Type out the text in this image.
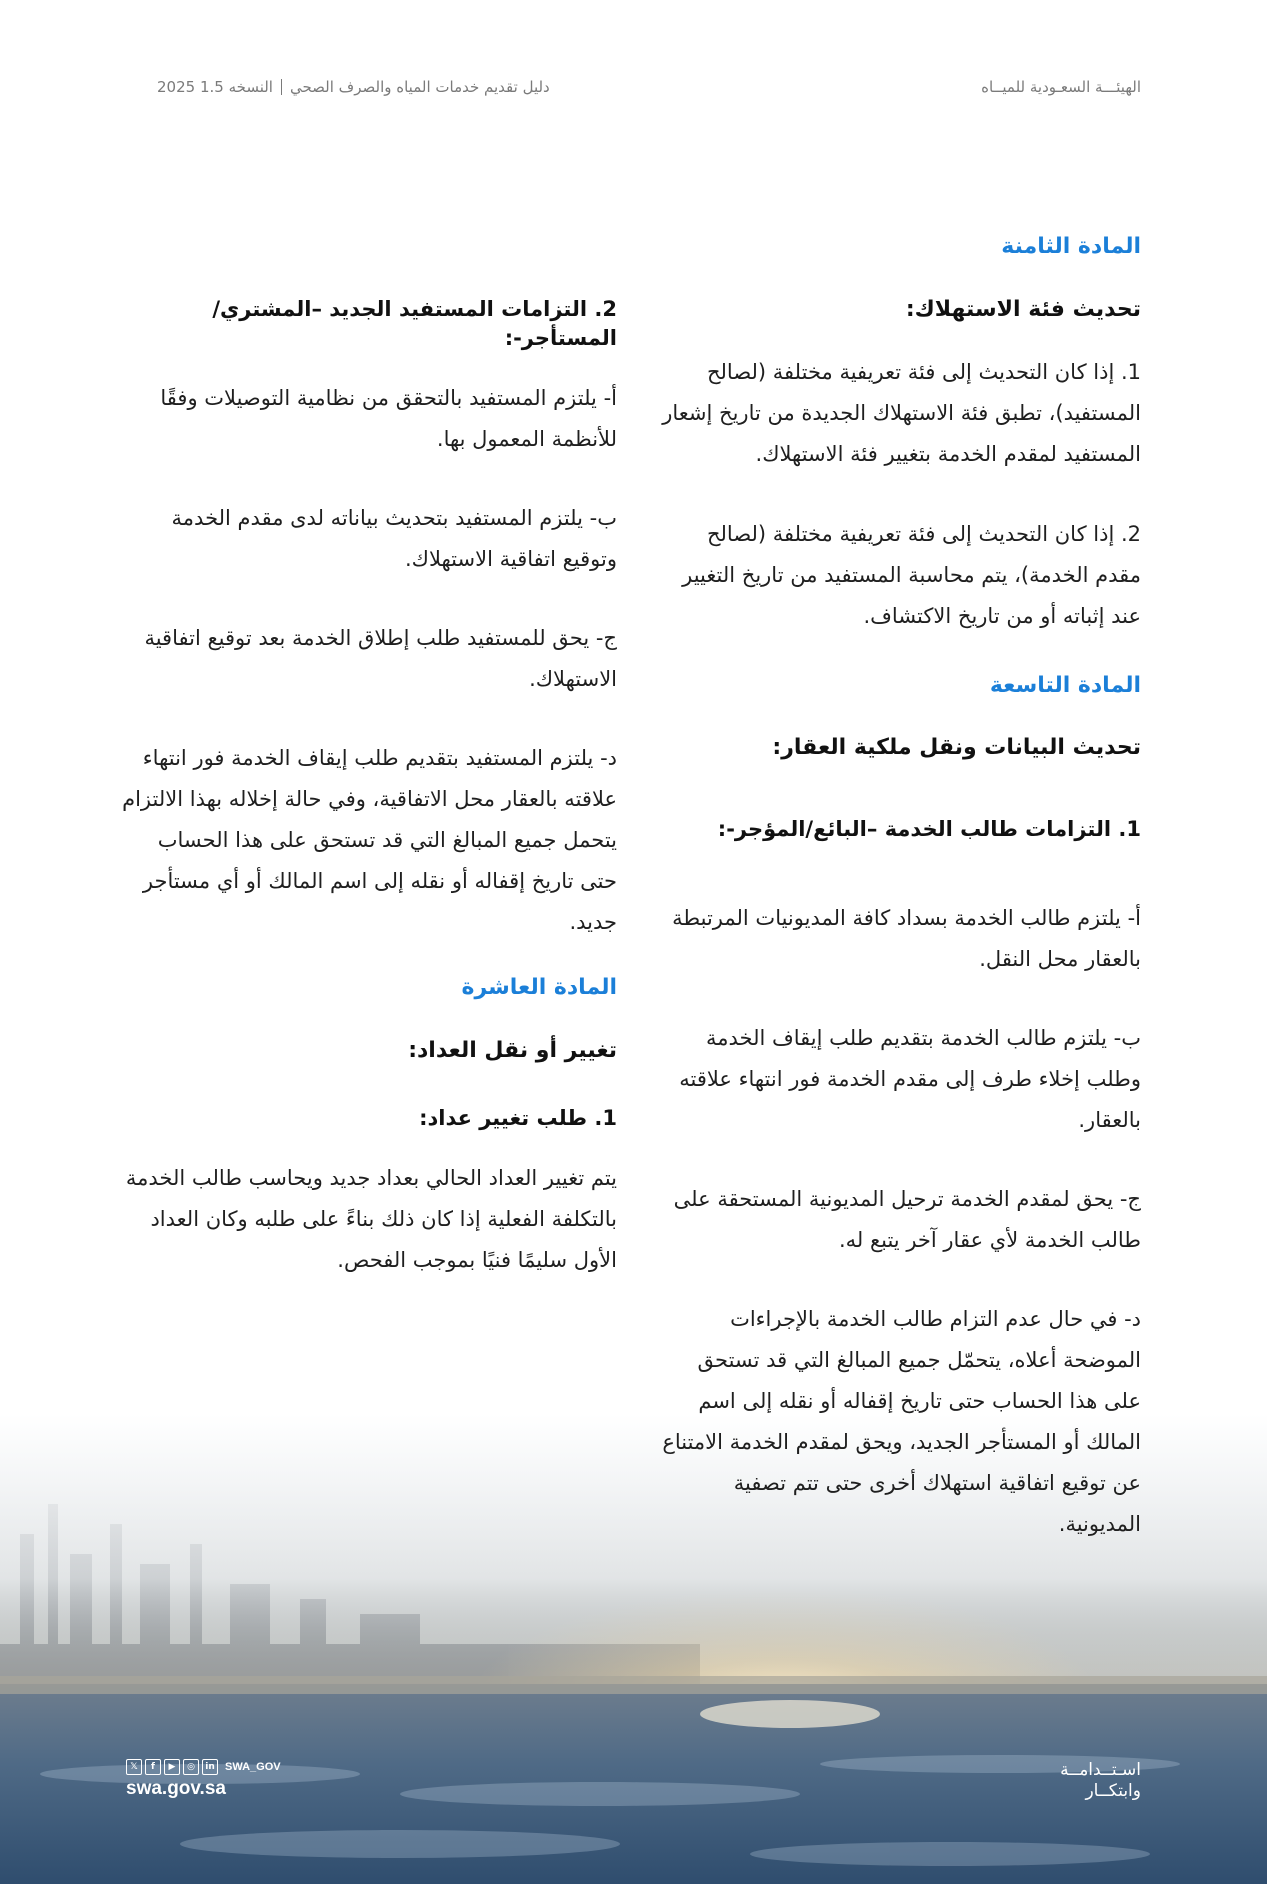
الهيئـــة السعـودية للميــاه
دليل تقديم خدمات المياه والصرف الصحيالنسخه 1.5 2025
المادة الثامنة
تحديث فئة الاستهلاك:

1. إذا كان التحديث إلى فئة تعريفية مختلفة (لصالح المستفيد)، تطبق فئة الاستهلاك الجديدة من تاريخ إشعار المستفيد لمقدم الخدمة بتغيير فئة الاستهلاك.

2. إذا كان التحديث إلى فئة تعريفية مختلفة (لصالح مقدم الخدمة)، يتم محاسبة المستفيد من تاريخ التغيير عند إثباته أو من تاريخ الاكتشاف.

المادة التاسعة
تحديث البيانات ونقل ملكية العقار:

1. التزامات طالب الخدمة –البائع/المؤجر-:

أ- يلتزم طالب الخدمة بسداد كافة المديونيات المرتبطة بالعقار محل النقل.

ب- يلتزم طالب الخدمة بتقديم طلب إيقاف الخدمة وطلب إخلاء طرف إلى مقدم الخدمة فور انتهاء علاقته بالعقار.

ج- يحق لمقدم الخدمة ترحيل المديونية المستحقة على طالب الخدمة لأي عقار آخر يتبع له.

د- في حال عدم التزام طالب الخدمة بالإجراءات الموضحة أعلاه، يتحمّل جميع المبالغ التي قد تستحق على هذا الحساب حتى تاريخ إقفاله أو نقله إلى اسم المالك أو المستأجر الجديد، ويحق لمقدم الخدمة الامتناع عن توقيع اتفاقية استهلاك أخرى حتى تتم تصفية المديونية.

2. التزامات المستفيد الجديد –المشتري/المستأجر-:

أ- يلتزم المستفيد بالتحقق من نظامية التوصيلات وفقًا للأنظمة المعمول بها.

ب- يلتزم المستفيد بتحديث بياناته لدى مقدم الخدمة وتوقيع اتفاقية الاستهلاك.

ج- يحق للمستفيد طلب إطلاق الخدمة بعد توقيع اتفاقية الاستهلاك.

د- يلتزم المستفيد بتقديم طلب إيقاف الخدمة فور انتهاء علاقته بالعقار محل الاتفاقية، وفي حالة إخلاله بهذا الالتزام يتحمل جميع المبالغ التي قد تستحق على هذا الحساب حتى تاريخ إقفاله أو نقله إلى اسم المالك أو أي مستأجر جديد.

المادة العاشرة
تغيير أو نقل العداد:

1. طلب تغيير عداد:

يتم تغيير العداد الحالي بعداد جديد ويحاسب طالب الخدمة بالتكلفة الفعلية إذا كان ذلك بناءً على طلبه وكان العداد الأول سليمًا فنيًا بموجب الفحص.

𝕏	f	▶	◎	in SWA_GOV
swa.gov.sa
اسـتــدامــة
وابتكــار
